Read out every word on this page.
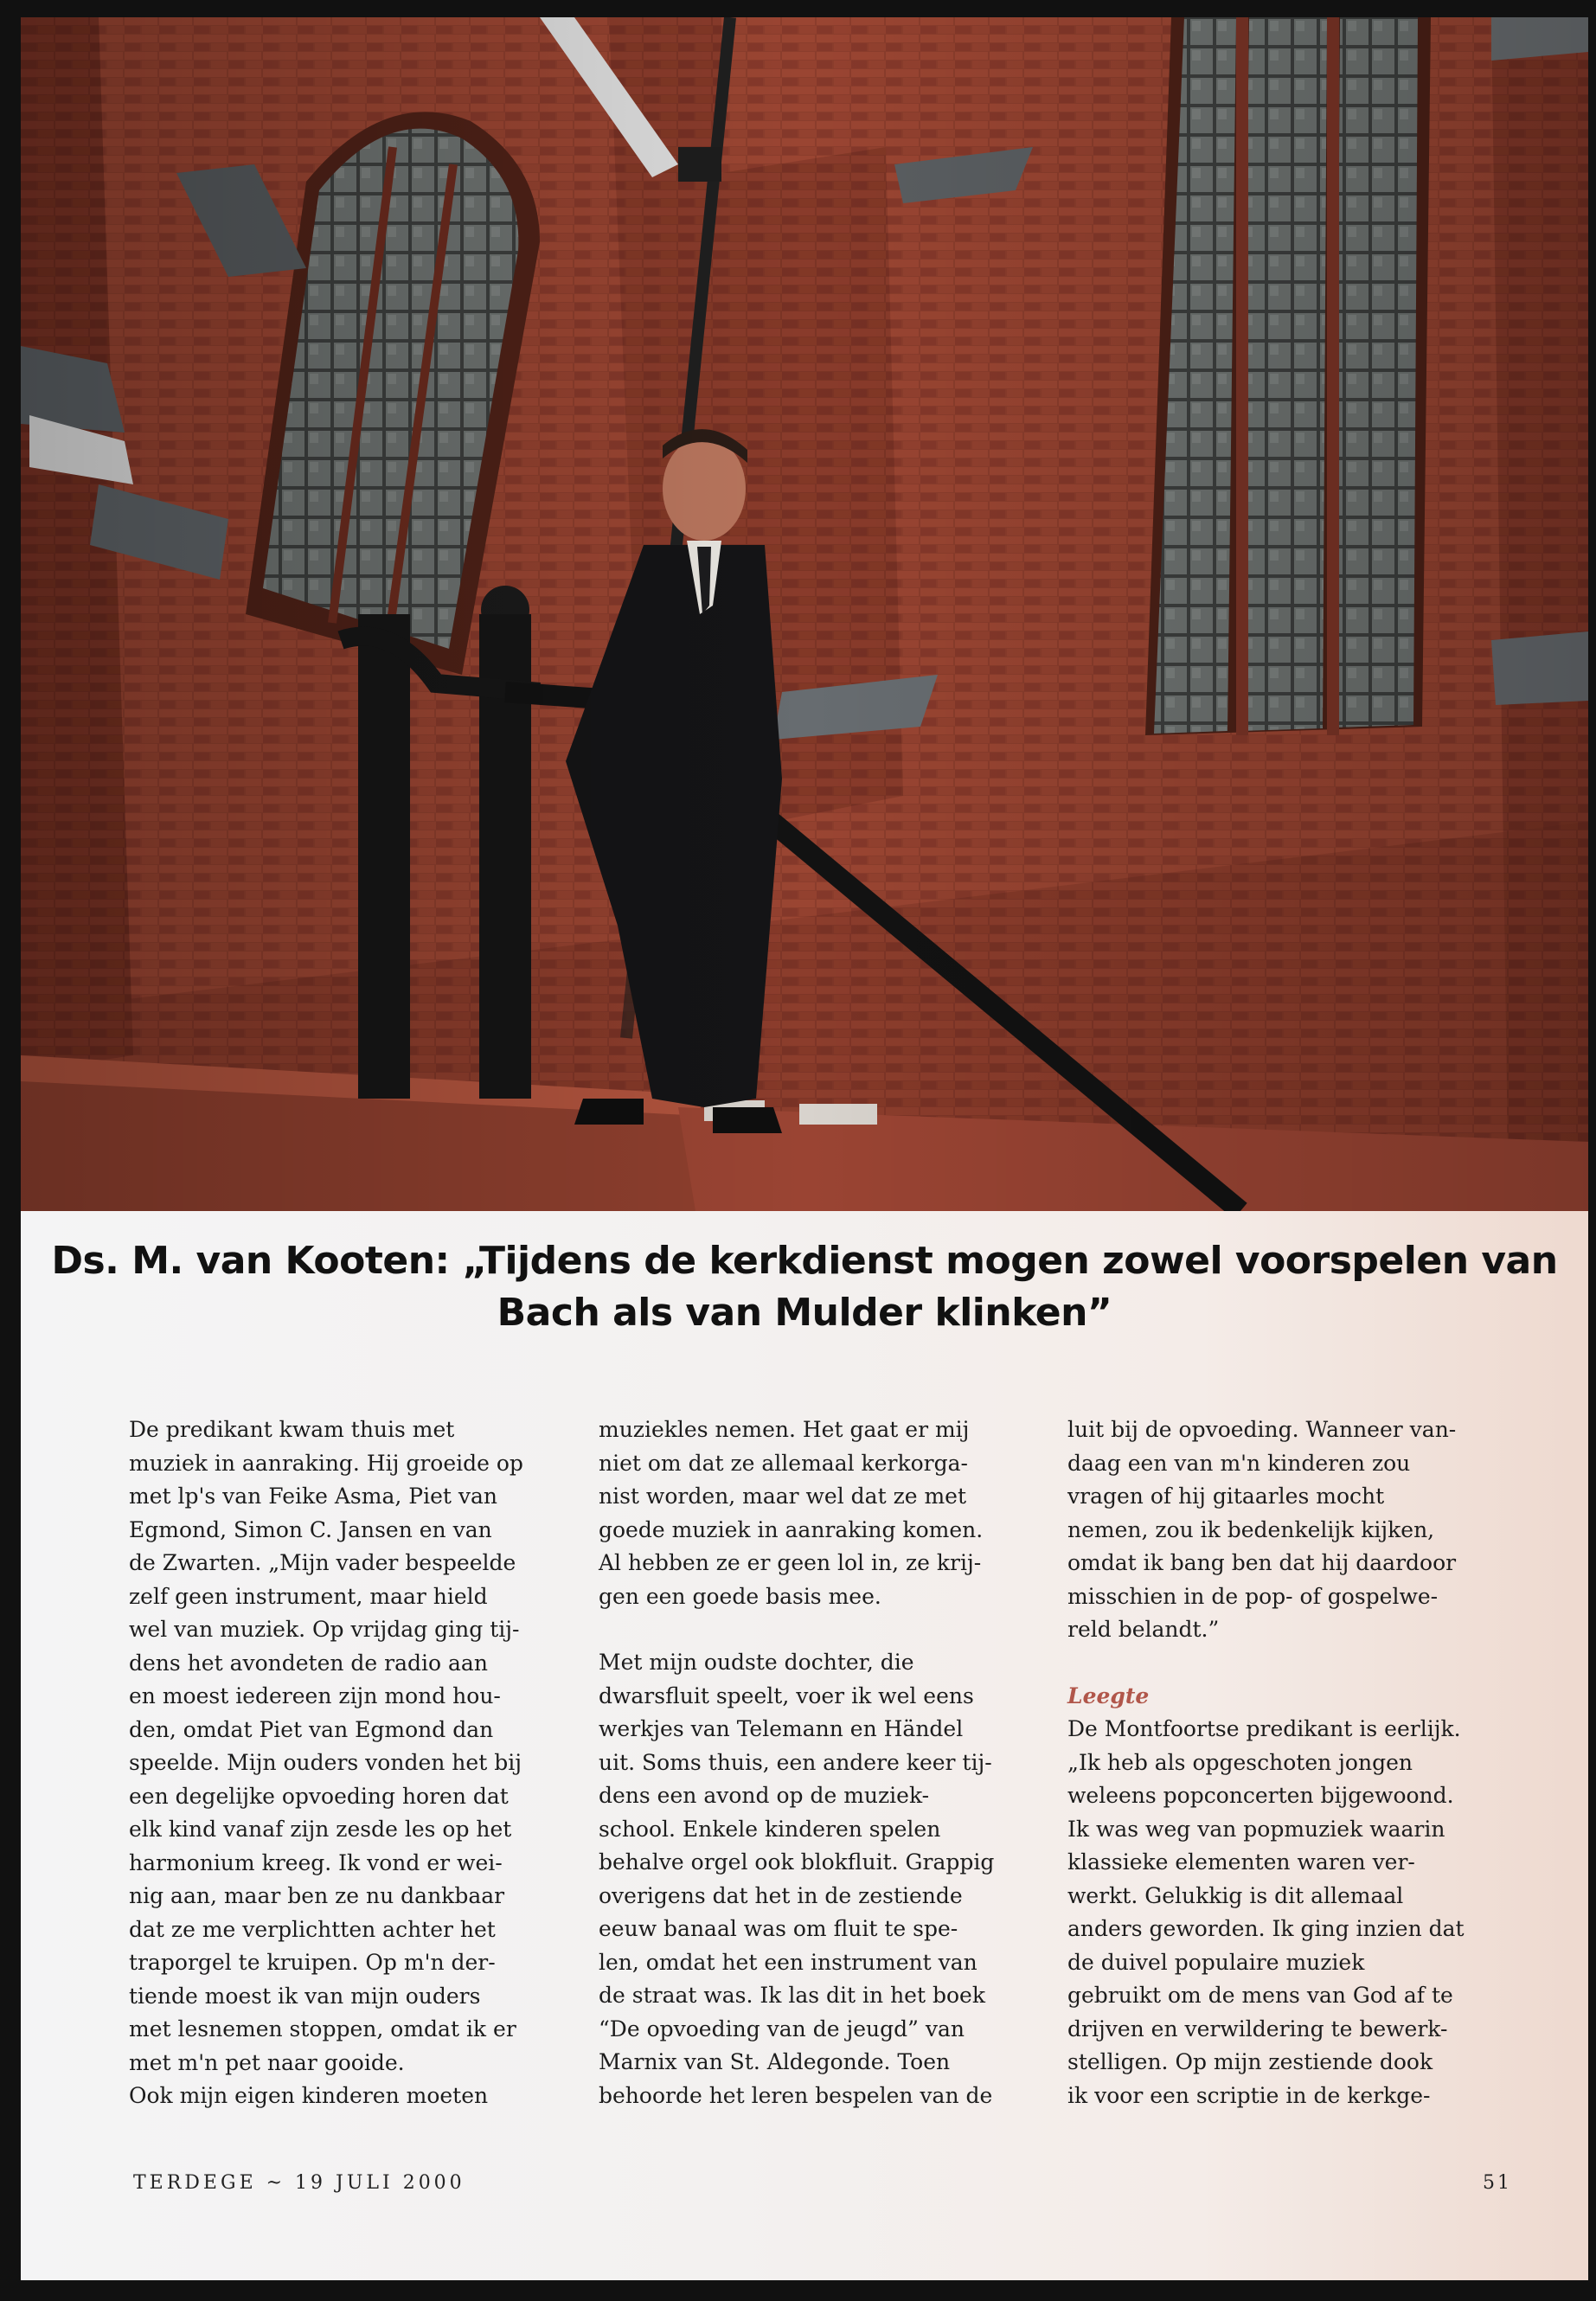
Ds. M. van Kooten: „Tijdens de kerkdienst mogen zowel voorspelen van
Bach als van Mulder klinken”

De predikant kwam thuis met

muziek in aanraking. Hij groeide op

met lp's van Feike Asma, Piet van

Egmond, Simon C. Jansen en van

de Zwarten. „Mijn vader bespeelde

zelf geen instrument, maar hield

wel van muziek. Op vrijdag ging tij-

dens het avondeten de radio aan

en moest iedereen zijn mond hou-

den, omdat Piet van Egmond dan

speelde. Mijn ouders vonden het bij

een degelijke opvoeding horen dat

elk kind vanaf zijn zesde les op het

harmonium kreeg. Ik vond er wei-

nig aan, maar ben ze nu dankbaar

dat ze me verplichtten achter het

traporgel te kruipen. Op m'n der-

tiende moest ik van mijn ouders

met lesnemen stoppen, omdat ik er

met m'n pet naar gooide.

Ook mijn eigen kinderen moeten

muziekles nemen. Het gaat er mij

niet om dat ze allemaal kerkorga-

nist worden, maar wel dat ze met

goede muziek in aanraking komen.

Al hebben ze er geen lol in, ze krij-

gen een goede basis mee.

Met mijn oudste dochter, die

dwarsfluit speelt, voer ik wel eens

werkjes van Telemann en Händel

uit. Soms thuis, een andere keer tij-

dens een avond op de muziek-

school. Enkele kinderen spelen

behalve orgel ook blokfluit. Grappig

overigens dat het in de zestiende

eeuw banaal was om fluit te spe-

len, omdat het een instrument van

de straat was. Ik las dit in het boek

“De opvoeding van de jeugd” van

Marnix van St. Aldegonde. Toen

behoorde het leren bespelen van de

luit bij de opvoeding. Wanneer van-

daag een van m'n kinderen zou

vragen of hij gitaarles mocht

nemen, zou ik bedenkelijk kijken,

omdat ik bang ben dat hij daardoor

misschien in de pop- of gospelwe-

reld belandt.”

Leegte

De Montfoortse predikant is eerlijk.

„Ik heb als opgeschoten jongen

weleens popconcerten bijgewoond.

Ik was weg van popmuziek waarin

klassieke elementen waren ver-

werkt. Gelukkig is dit allemaal

anders geworden. Ik ging inzien dat

de duivel populaire muziek

gebruikt om de mens van God af te

drijven en verwildering te bewerk-

stelligen. Op mijn zestiende dook

ik voor een scriptie in de kerkge-

TERDEGE ~ 19 JULI 2000	51
